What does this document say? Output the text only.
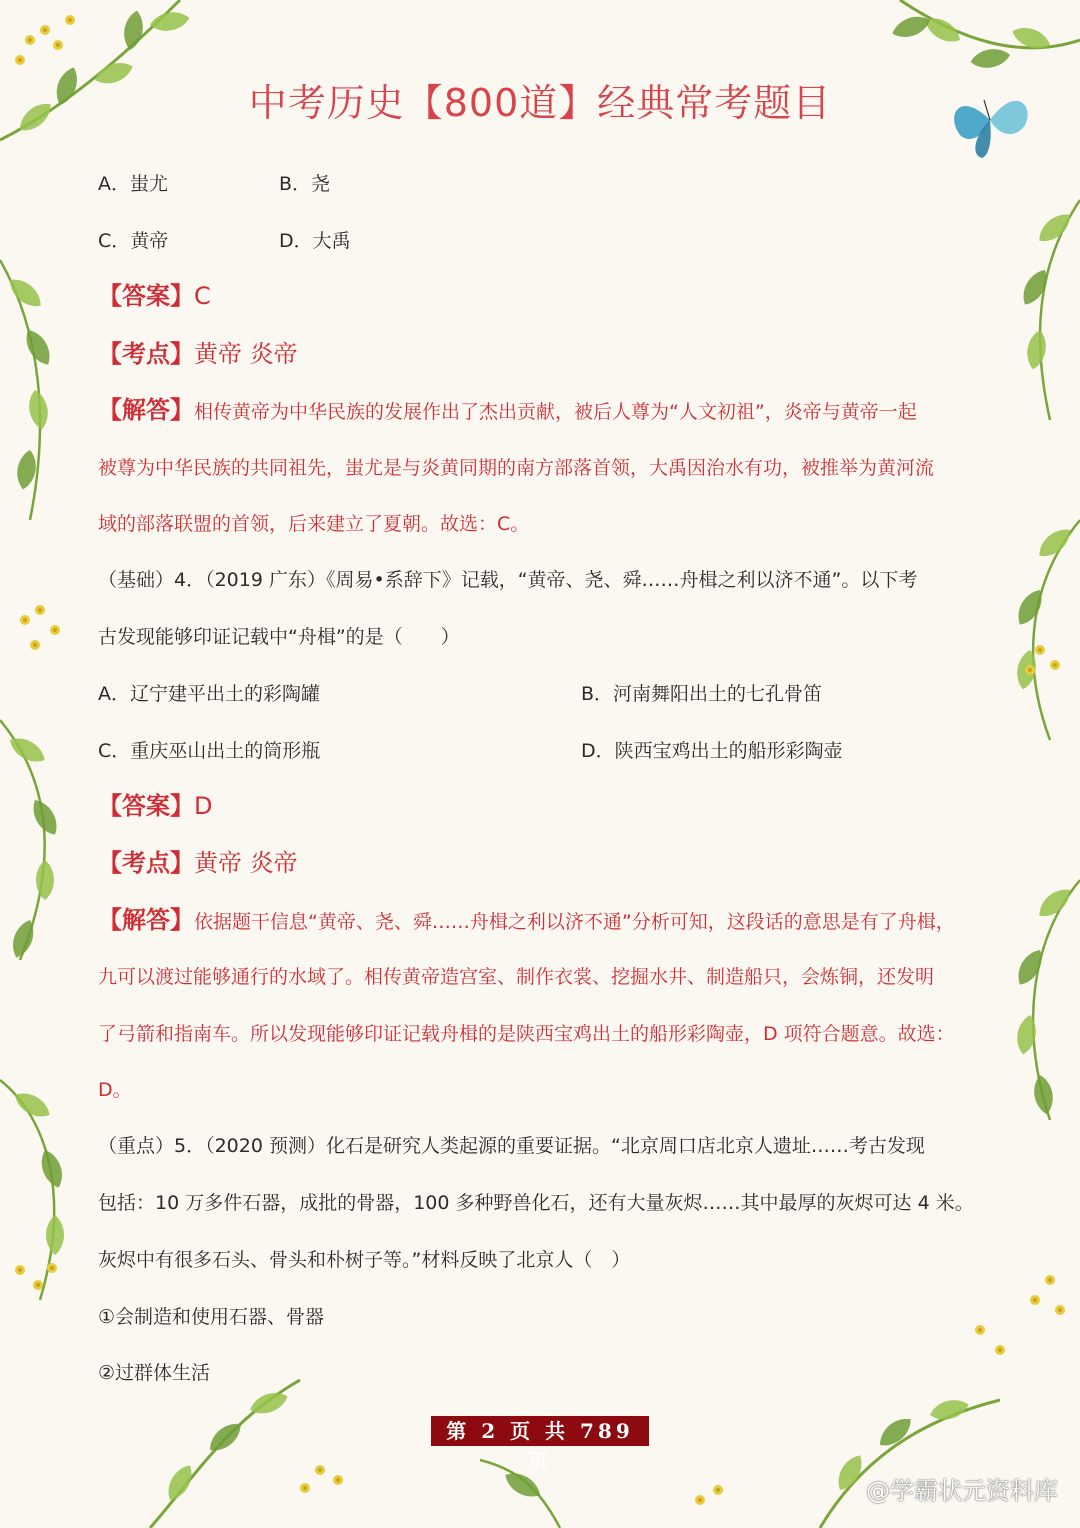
中考历史【800道】经典常考题目
A．蚩尤	B．尧
C．黄帝	D．大禹
【答案】C
【考点】黄帝 炎帝
【解答】相传黄帝为中华民族的发展作出了杰出贡献，被后人尊为“人文初祖”，炎帝与黄帝一起
被尊为中华民族的共同祖先，蚩尤是与炎黄同期的南方部落首领，大禹因治水有功，被推举为黄河流
域的部落联盟的首领，后来建立了夏朝。故选：C。
（基础）4．（2019 广东）《周易•系辞下》记载，“黄帝、尧、舜……舟楫之利以济不通”。以下考
古发现能够印证记载中“舟楫”的是（　　）
A．辽宁建平出土的彩陶罐	B．河南舞阳出土的七孔骨笛
C．重庆巫山出土的筒形瓶	D．陕西宝鸡出土的船形彩陶壶
【答案】D
【考点】黄帝 炎帝
【解答】依据题干信息“黄帝、尧、舜……舟楫之利以济不通”分析可知，这段话的意思是有了舟楫，
九可以渡过能够通行的水域了。相传黄帝造宫室、制作衣裳、挖掘水井、制造船只，会炼铜，还发明
了弓箭和指南车。所以发现能够印证记载舟楫的是陕西宝鸡出土的船形彩陶壶，D 项符合题意。故选：
D。
（重点）5．（2020 预测）化石是研究人类起源的重要证据。“北京周口店北京人遗址……考古发现
包括：10 万多件石器，成批的骨器，100 多种野兽化石，还有大量灰烬……其中最厚的灰烬可达 4 米。
灰烬中有很多石头、骨头和朴树子等。”材料反映了北京人（　）
①会制造和使用石器、骨器
②过群体生活
第 2 页 共 789 页
@学霸状元资料库
